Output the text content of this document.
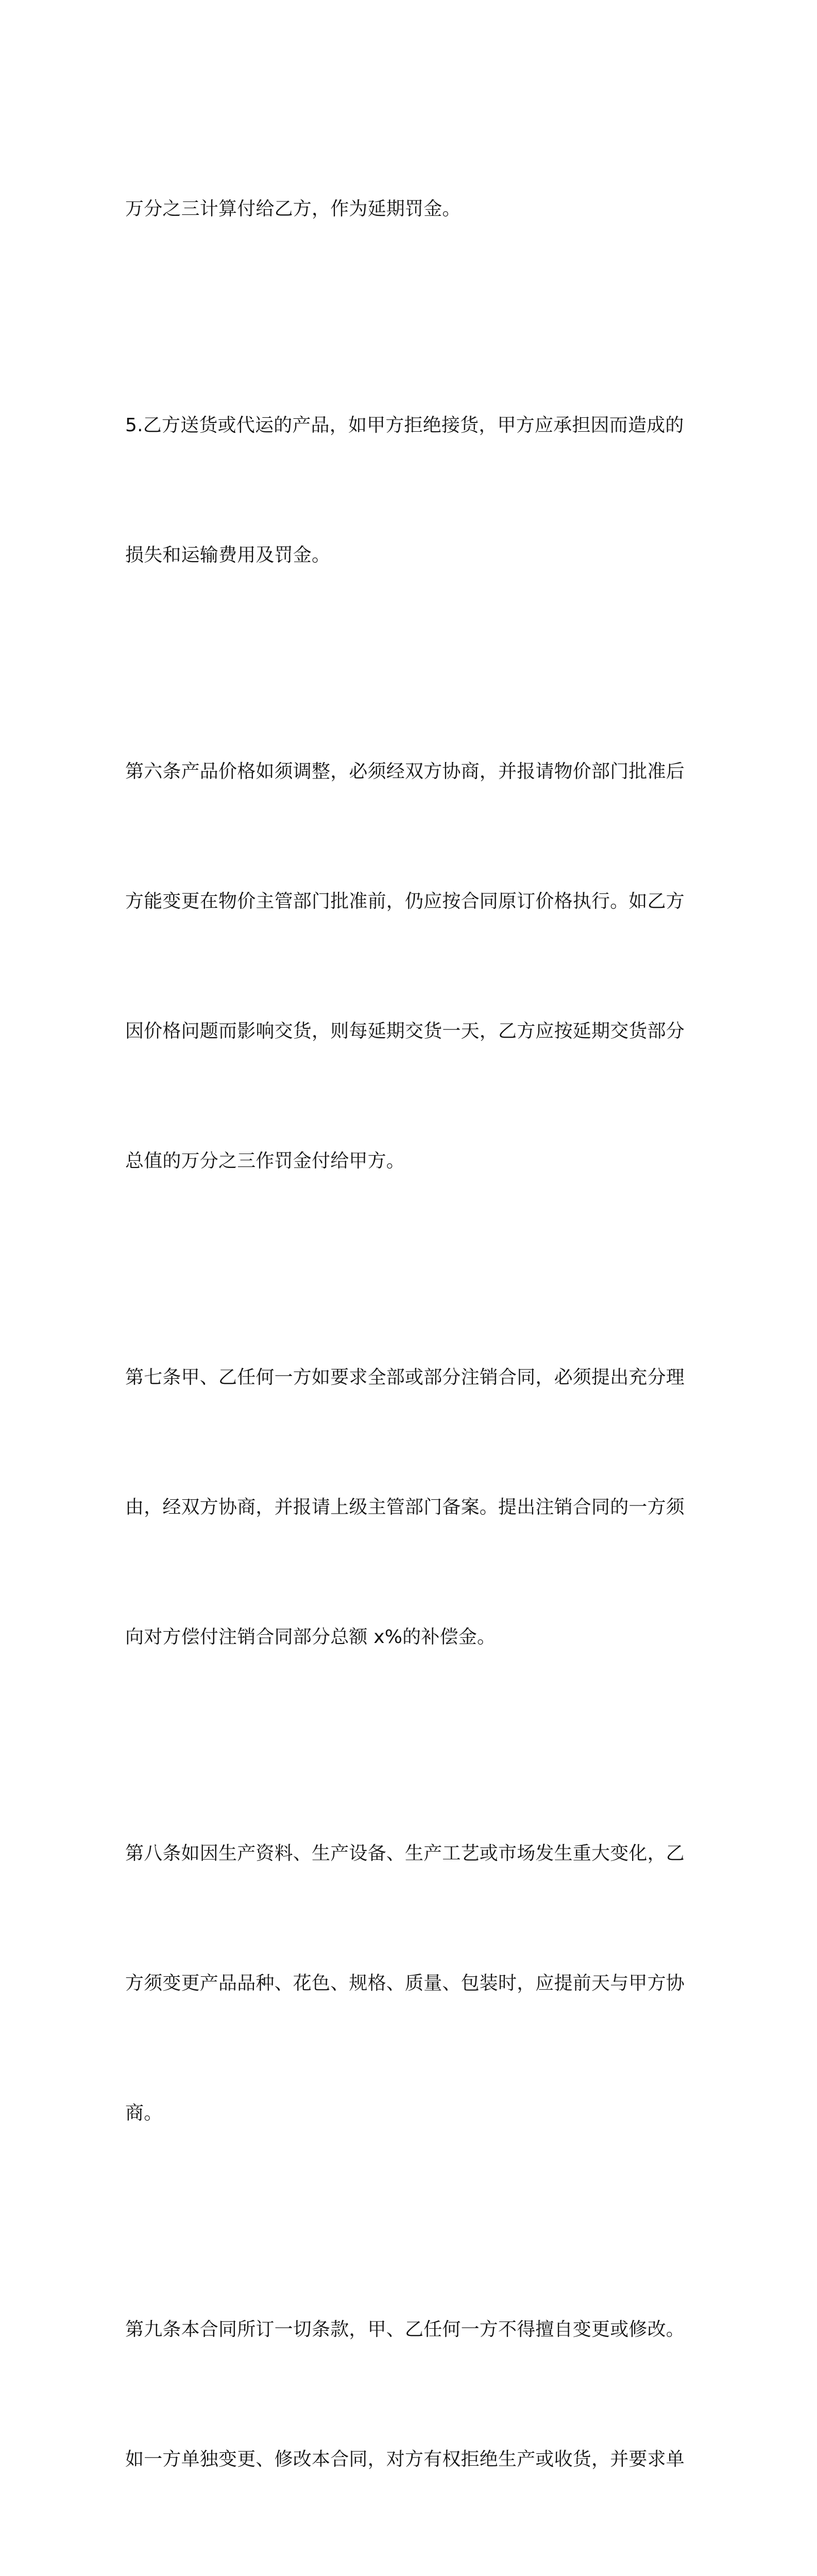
万分之三计算付给乙方，作为延期罚金。

5.乙方送货或代运的产品，如甲方拒绝接货，甲方应承担因而造成的

损失和运输费用及罚金。

第六条产品价格如须调整，必须经双方协商，并报请物价部门批准后

方能变更在物价主管部门批准前，仍应按合同原订价格执行。如乙方

因价格问题而影响交货，则每延期交货一天，乙方应按延期交货部分

总值的万分之三作罚金付给甲方。

第七条甲、乙任何一方如要求全部或部分注销合同，必须提出充分理

由，经双方协商，并报请上级主管部门备案。提出注销合同的一方须

向对方偿付注销合同部分总额 x%的补偿金。

第八条如因生产资料、生产设备、生产工艺或市场发生重大变化，乙

方须变更产品品种、花色、规格、质量、包装时，应提前天与甲方协

商。

第九条本合同所订一切条款，甲、乙任何一方不得擅自变更或修改。

如一方单独变更、修改本合同，对方有权拒绝生产或收货，并要求单
